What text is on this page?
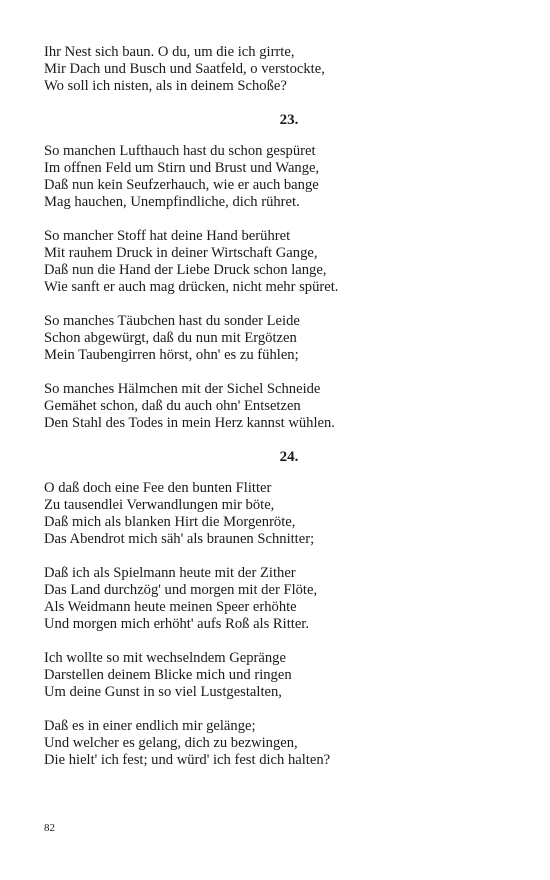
Ihr Nest sich baun. O du, um die ich girrte,
Mir Dach und Busch und Saatfeld, o verstockte,
Wo soll ich nisten, als in deinem Schoße?
23.
So manchen Lufthauch hast du schon gespüret
Im offnen Feld um Stirn und Brust und Wange,
Daß nun kein Seufzerhauch, wie er auch bange
Mag hauchen, Unempfindliche, dich rühret.
So mancher Stoff hat deine Hand berühret
Mit rauhem Druck in deiner Wirtschaft Gange,
Daß nun die Hand der Liebe Druck schon lange,
Wie sanft er auch mag drücken, nicht mehr spüret.
So manches Täubchen hast du sonder Leide
Schon abgewürgt, daß du nun mit Ergötzen
Mein Taubengirren hörst, ohn' es zu fühlen;
So manches Hälmchen mit der Sichel Schneide
Gemähet schon, daß du auch ohn' Entsetzen
Den Stahl des Todes in mein Herz kannst wühlen.
24.
O daß doch eine Fee den bunten Flitter
Zu tausendlei Verwandlungen mir böte,
Daß mich als blanken Hirt die Morgenröte,
Das Abendrot mich säh' als braunen Schnitter;
Daß ich als Spielmann heute mit der Zither
Das Land durchzög' und morgen mit der Flöte,
Als Weidmann heute meinen Speer erhöhte
Und morgen mich erhöht' aufs Roß als Ritter.
Ich wollte so mit wechselndem Gepränge
Darstellen deinem Blicke mich und ringen
Um deine Gunst in so viel Lustgestalten,
Daß es in einer endlich mir gelänge;
Und welcher es gelang, dich zu bezwingen,
Die hielt' ich fest; und würd' ich fest dich halten?
82
